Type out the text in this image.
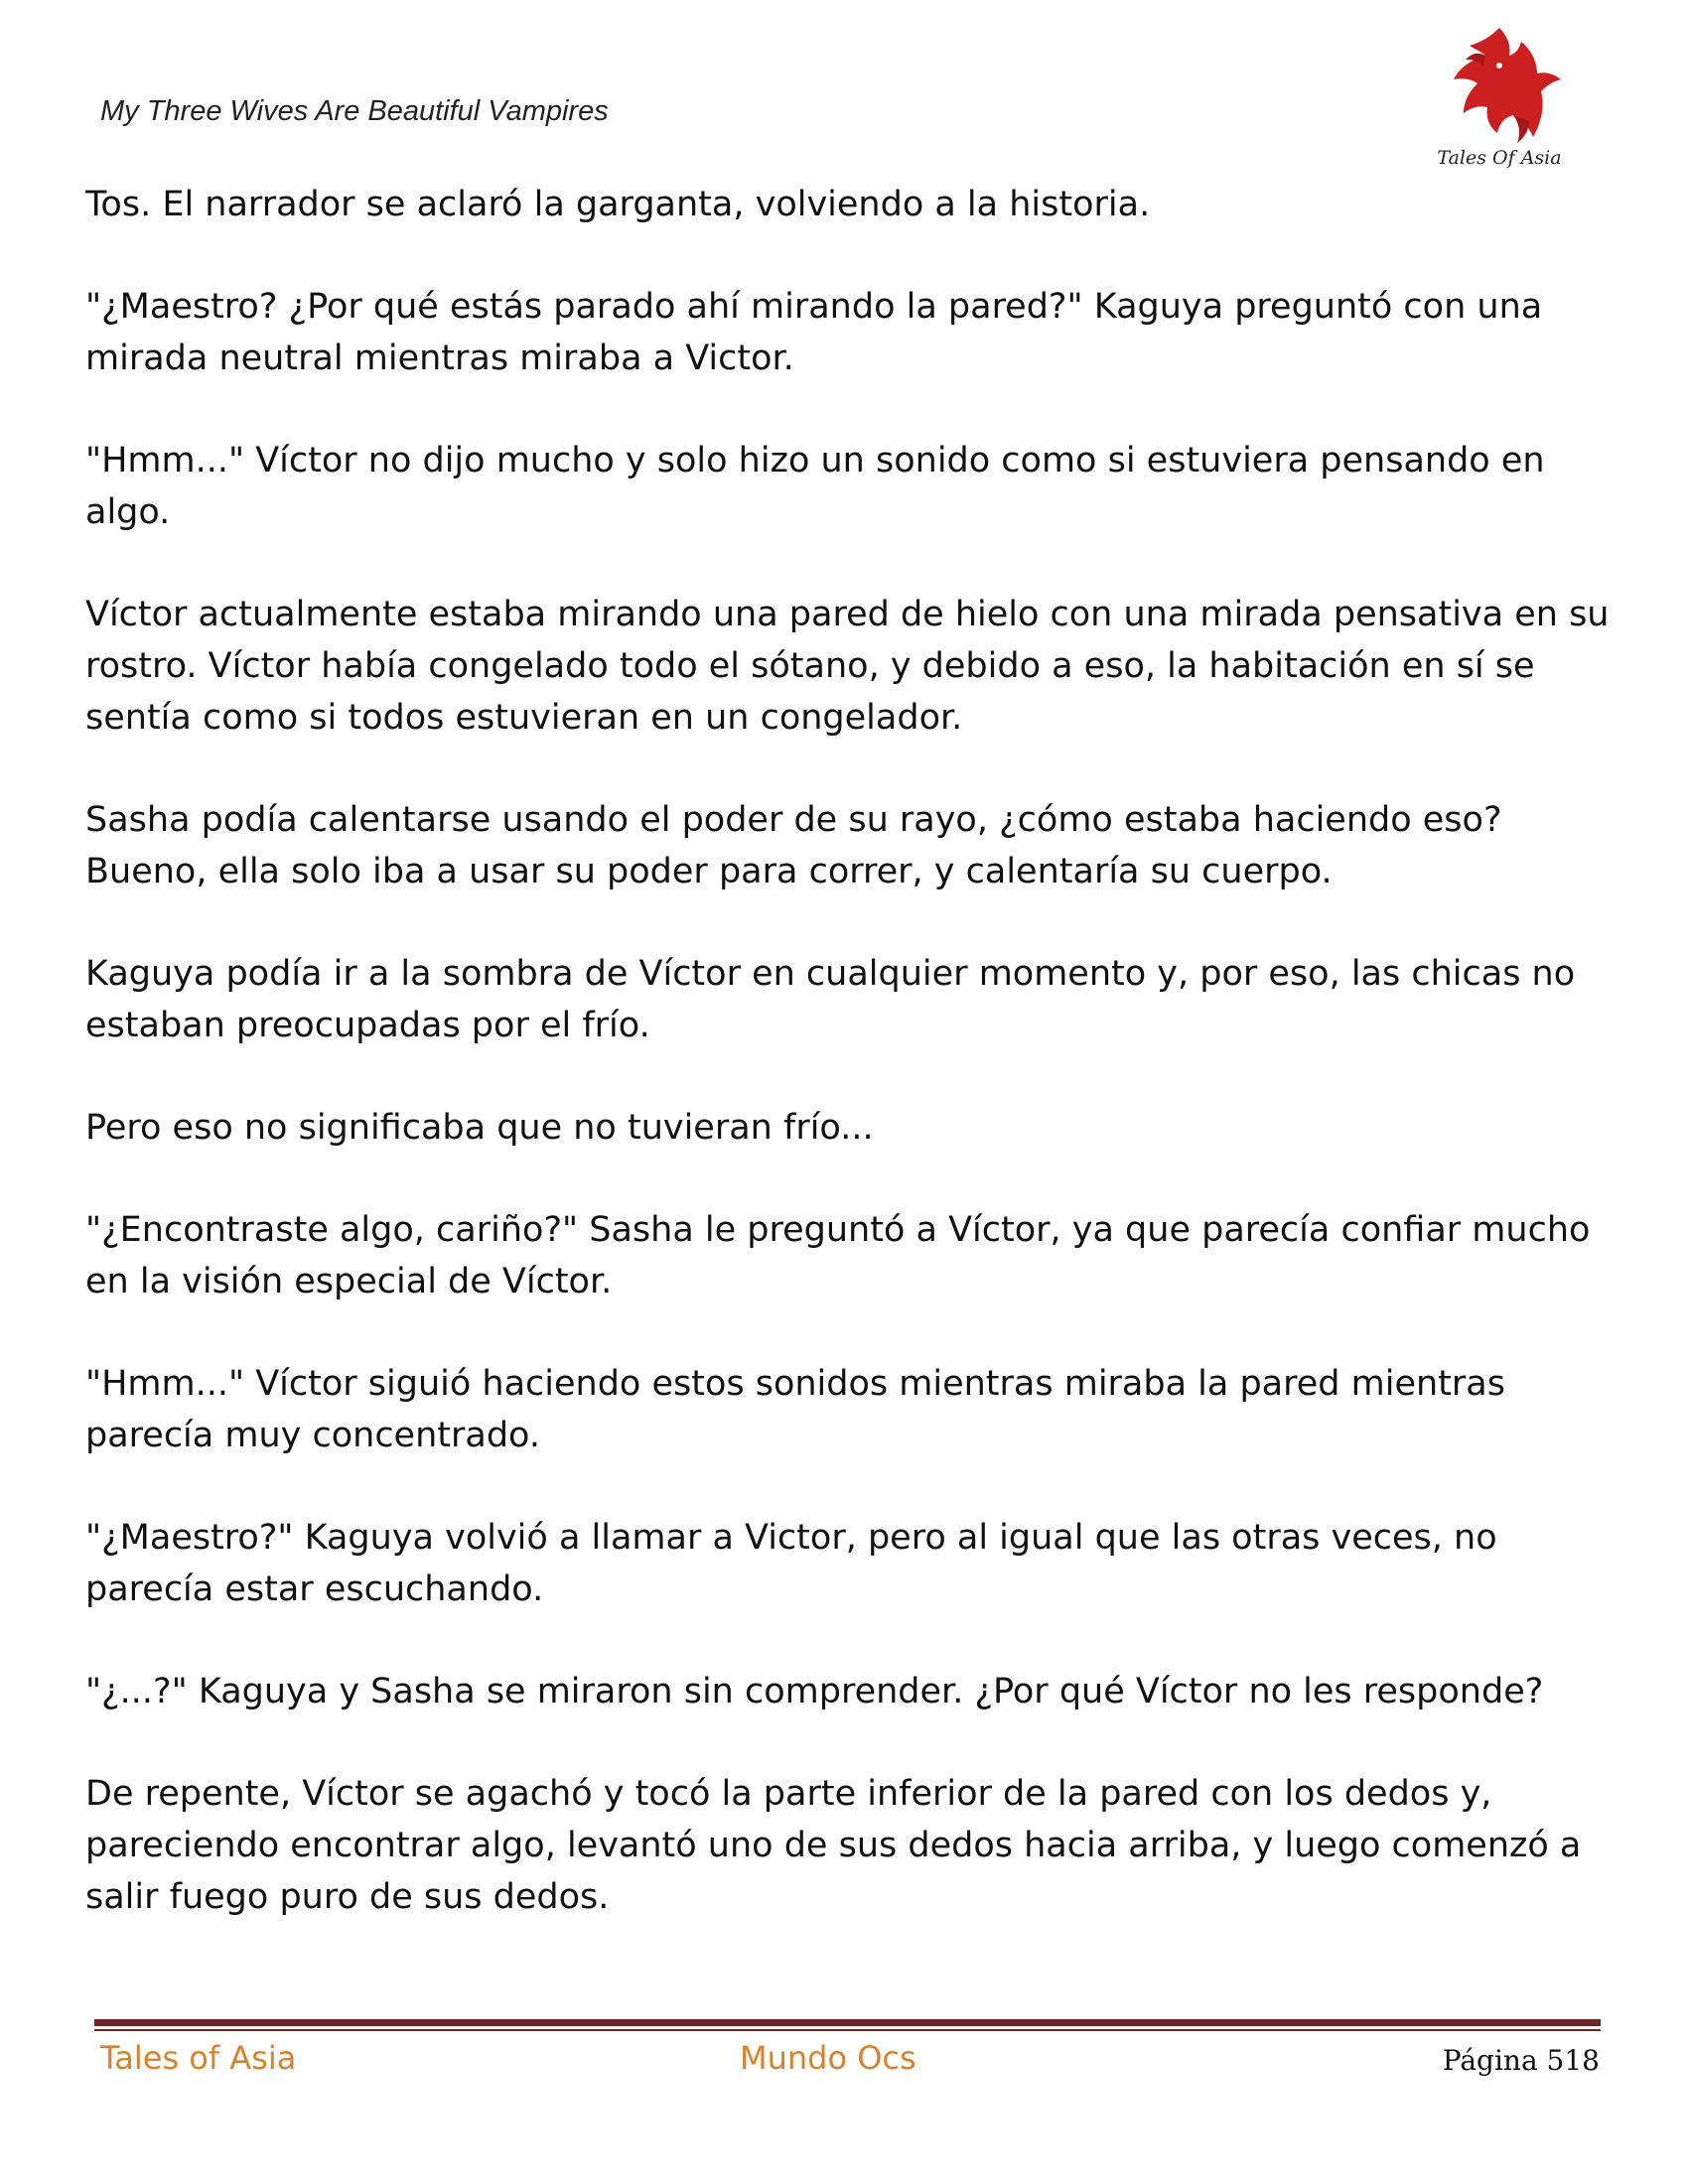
My Three Wives Are Beautiful Vampires
Tales Of Asia

Tos. El narrador se aclaró la garganta, volviendo a la historia.

"¿Maestro? ¿Por qué estás parado ahí mirando la pared?" Kaguya preguntó con una mirada neutral mientras miraba a Victor.

"Hmm..." Víctor no dijo mucho y solo hizo un sonido como si estuviera pensando en algo.

Víctor actualmente estaba mirando una pared de hielo con una mirada pensativa en su rostro. Víctor había congelado todo el sótano, y debido a eso, la habitación en sí se sentía como si todos estuvieran en un congelador.

Sasha podía calentarse usando el poder de su rayo, ¿cómo estaba haciendo eso? Bueno, ella solo iba a usar su poder para correr, y calentaría su cuerpo.

Kaguya podía ir a la sombra de Víctor en cualquier momento y, por eso, las chicas no estaban preocupadas por el frío.

Pero eso no significaba que no tuvieran frío...

"¿Encontraste algo, cariño?" Sasha le preguntó a Víctor, ya que parecía confiar mucho en la visión especial de Víctor.

"Hmm..." Víctor siguió haciendo estos sonidos mientras miraba la pared mientras parecía muy concentrado.

"¿Maestro?" Kaguya volvió a llamar a Victor, pero al igual que las otras veces, no parecía estar escuchando.

"¿...?" Kaguya y Sasha se miraron sin comprender. ¿Por qué Víctor no les responde?

De repente, Víctor se agachó y tocó la parte inferior de la pared con los dedos y, pareciendo encontrar algo, levantó uno de sus dedos hacia arriba, y luego comenzó a salir fuego puro de sus dedos.

Tales of Asia	Mundo Ocs	Página 518
